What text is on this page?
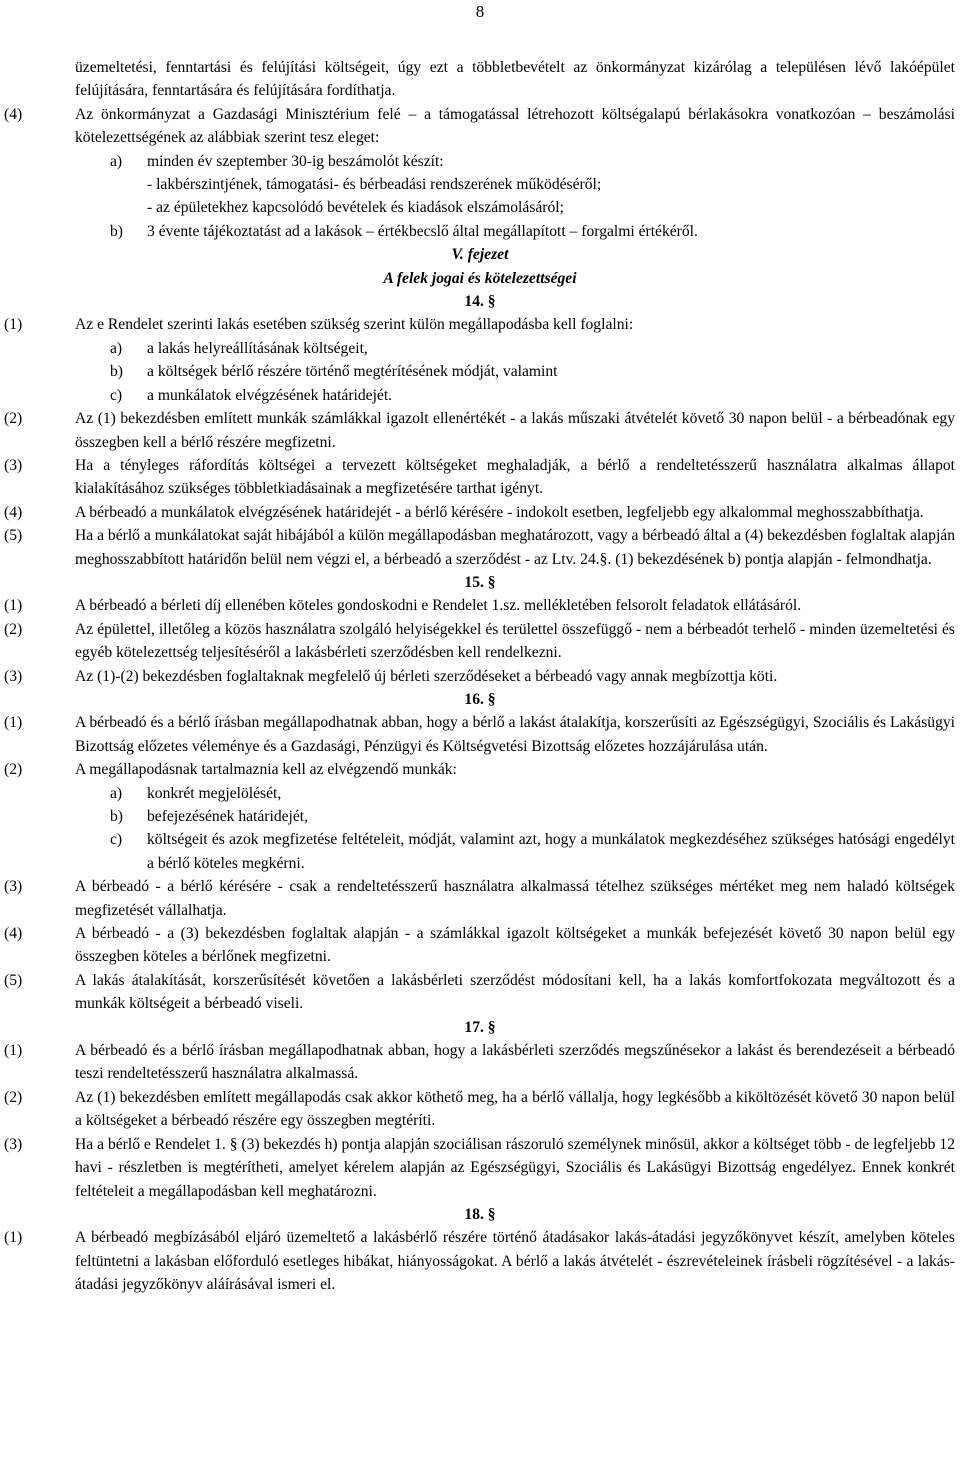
8
üzemeltetési, fenntartási és felújítási költségeit, úgy ezt a többletbevételt az önkormányzat kizárólag a településen lévő lakóépület felújítására, fenntartására és felújítására fordíthatja.
(4)	Az önkormányzat a Gazdasági Minisztérium felé – a támogatással létrehozott költségalapú bérlakásokra vonatkozóan – beszámolási kötelezettségének az alábbiak szerint tesz eleget:
a)	minden év szeptember 30-ig beszámolót készít:
- lakbérszintjének, támogatási- és bérbeadási rendszerének működéséről;
- az épületekhez kapcsolódó bevételek és kiadások elszámolásáról;
b)	3 évente tájékoztatást ad a lakások – értékbecslő által megállapított – forgalmi értékéről.
V. fejezet
A felek jogai és kötelezettségei
14. §
(1)	Az e Rendelet szerinti lakás esetében szükség szerint külön megállapodásba kell foglalni:
a)	a lakás helyreállításának költségeit,
b)	a költségek bérlő részére történő megtérítésének módját, valamint
c)	a munkálatok elvégzésének határidejét.
(2)	Az (1) bekezdésben említett munkák számlákkal igazolt ellenértékét - a lakás műszaki átvételét követő 30 napon belül - a bérbeadónak egy összegben kell a bérlő részére megfizetni.
(3)	Ha a tényleges ráfordítás költségei a tervezett költségeket meghaladják, a bérlő a rendeltetésszerű használatra alkalmas állapot kialakításához szükséges többletkiadásainak a megfizetésére tarthat igényt.
(4)	A bérbeadó a munkálatok elvégzésének határidejét - a bérlő kérésére - indokolt esetben, legfeljebb egy alkalommal meghosszabbíthatja.
(5)	Ha a bérlő a munkálatokat saját hibájából a külön megállapodásban meghatározott, vagy a bérbeadó által a (4) bekezdésben foglaltak alapján meghosszabbított határidőn belül nem végzi el, a bérbeadó a szerződést - az Ltv. 24.§. (1) bekezdésének b) pontja alapján - felmondhatja.
15. §
(1)	A bérbeadó a bérleti díj ellenében köteles gondoskodni e Rendelet 1.sz. mellékletében felsorolt feladatok ellátásáról.
(2)	Az épülettel, illetőleg a közös használatra szolgáló helyiségekkel és területtel összefüggő - nem a bérbeadót terhelő - minden üzemeltetési és egyéb kötelezettség teljesítéséről a lakásbérleti szerződésben kell rendelkezni.
(3)	Az (1)-(2) bekezdésben foglaltaknak megfelelő új bérleti szerződéseket a bérbeadó vagy annak megbízottja köti.
16. §
(1)	A bérbeadó és a bérlő írásban megállapodhatnak abban, hogy a bérlő a lakást átalakítja, korszerűsíti az Egészségügyi, Szociális és Lakásügyi Bizottság előzetes véleménye és a Gazdasági, Pénzügyi és Költségvetési Bizottság előzetes hozzájárulása után.
(2)	A megállapodásnak tartalmaznia kell az elvégzendő munkák:
a)	konkrét megjelölését,
b)	befejezésének határidejét,
c)	költségeit és azok megfizetése feltételeit, módját, valamint azt, hogy a munkálatok megkezdéséhez szükséges hatósági engedélyt a bérlő köteles megkérni.
(3)	A bérbeadó - a bérlő kérésére - csak a rendeltetésszerű használatra alkalmassá tételhez szükséges mértéket meg nem haladó költségek megfizetését vállalhatja.
(4)	A bérbeadó - a (3) bekezdésben foglaltak alapján - a számlákkal igazolt költségeket a munkák befejezését követő 30 napon belül egy összegben köteles a bérlőnek megfizetni.
(5)	A lakás átalakítását, korszerűsítését követően a lakásbérleti szerződést módosítani kell, ha a lakás komfortfokozata megváltozott és a munkák költségeit a bérbeadó viseli.
17. §
(1)	A bérbeadó és a bérlő írásban megállapodhatnak abban, hogy a lakásbérleti szerződés megszűnésekor a lakást és berendezéseit a bérbeadó teszi rendeltetésszerű használatra alkalmassá.
(2)	Az (1) bekezdésben említett megállapodás csak akkor köthető meg, ha a bérlő vállalja, hogy legkésőbb a kiköltözését követő 30 napon belül a költségeket a bérbeadó részére egy összegben megtéríti.
(3)	Ha a bérlő e Rendelet 1. § (3) bekezdés h) pontja alapján szociálisan rászoruló személynek minősül, akkor a költséget több - de legfeljebb 12 havi - részletben is megtérítheti, amelyet kérelem alapján az Egészségügyi, Szociális és Lakásügyi Bizottság engedélyez. Ennek konkrét feltételeit a megállapodásban kell meghatározni.
18. §
(1)	A bérbeadó megbízásából eljáró üzemeltető a lakásbérlő részére történő átadásakor lakás-átadási jegyzőkönyvet készít, amelyben köteles feltüntetni a lakásban előforduló esetleges hibákat, hiányosságokat. A bérlő a lakás átvételét - észrevételeinek írásbeli rögzítésével - a lakás-átadási jegyzőkönyv aláírásával ismeri el.
